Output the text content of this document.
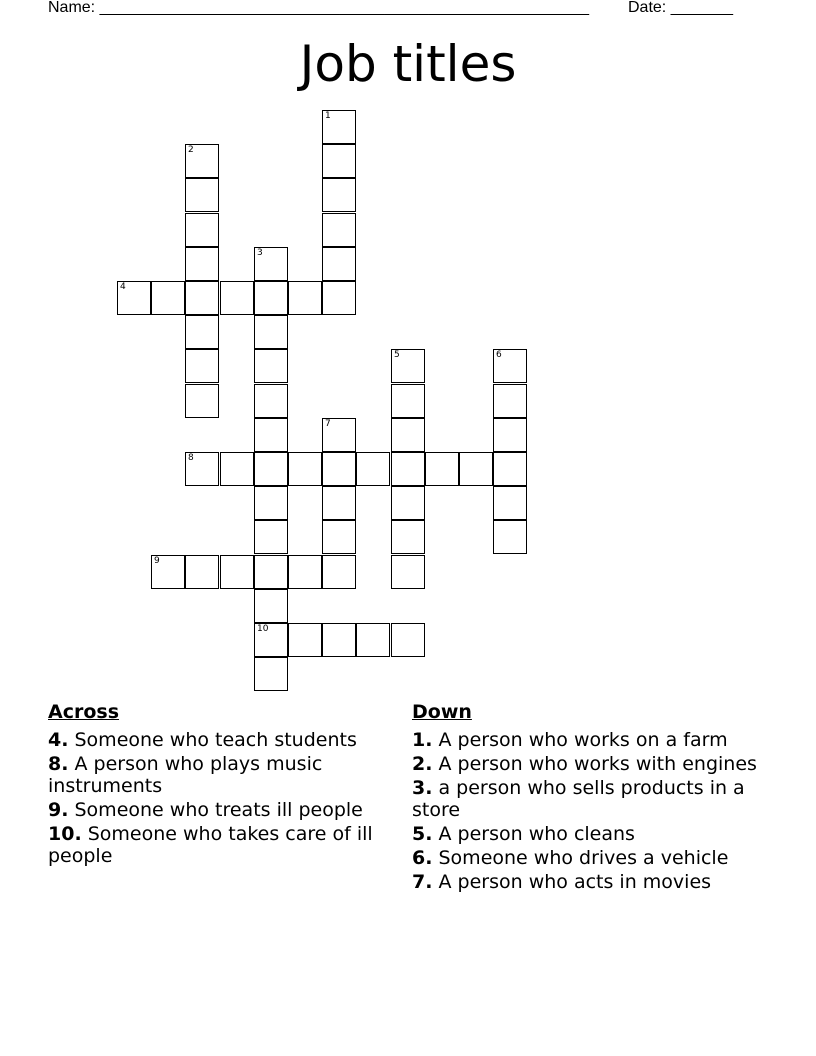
Name: _______________________________________________________ Date: _______
Job titles
1
2
3
10
4
5	6
7
8
9
Across
4. Someone who teach students
8. A person who plays music instruments
9. Someone who treats ill people
10. Someone who takes care of ill people
Down
1. A person who works on a farm
2. A person who works with engines
3. a person who sells products in a store
5. A person who cleans
6. Someone who drives a vehicle
7. A person who acts in movies
